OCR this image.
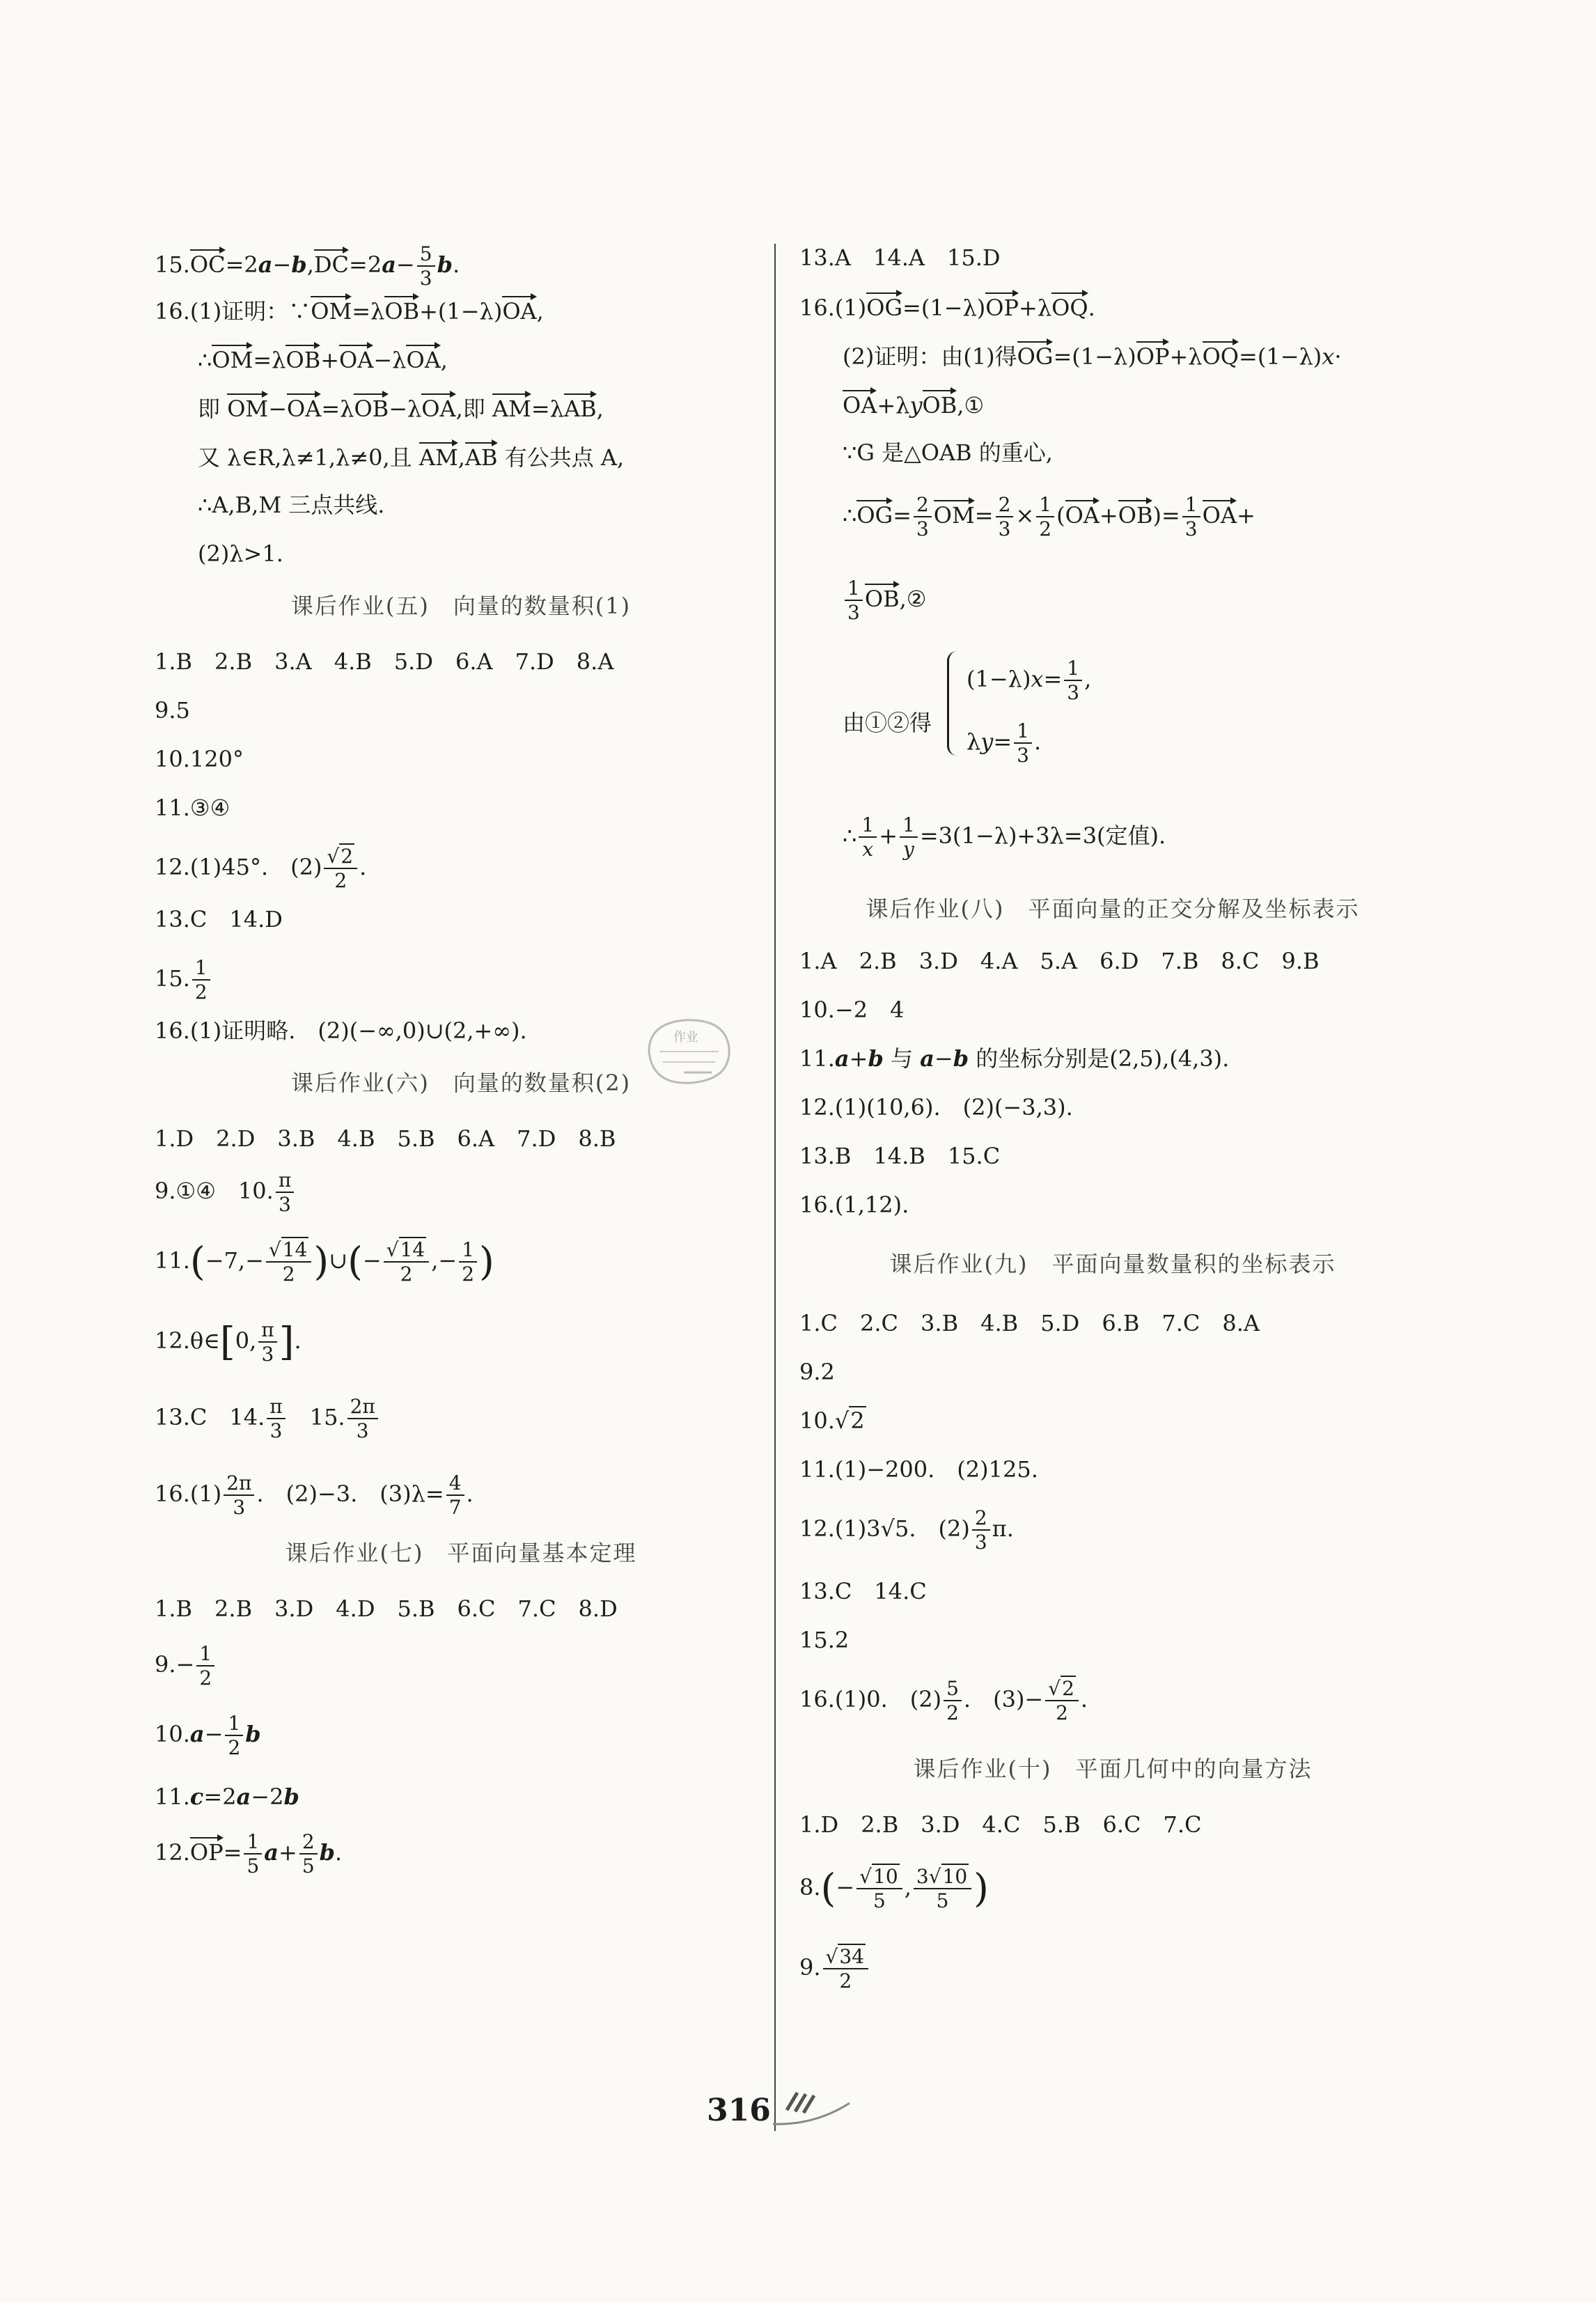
$15.OC=2a-b,DC=2a- \frac{5}{3} b$.
16.(1)证明：∵OM=λOB+(1−λ)OA,
∴OM=λOB+OA−λOA,
即 OM−OA=λOB−λOA,即 AM=λAB,
又 λ∈R,λ≠1,λ≠0,且 AM,AB 有公共点 A,
∴A,B,M 三点共线.
(2)λ>1.
课后作业(五)　向量的数量积(1)
1.B　2.B　3.A　4.B　5.D　6.A　7.D　8.A
9.5
10.120°
11.③④
12.(1)45°.　$(2) \frac{√2}{2}$ .
13.C　14.D
15. $\frac{1}{2}$
16.(1)证明略.　(2)(−∞,0)∪(2,+∞).
课后作业(六)　向量的数量积(2)
1.D　2.D　3.B　4.B　5.B　6.A　7.D　8.B
9.①④　10. $\frac{\pi}{3}$
$11.(-7,- \frac{√14}{2}$ )∪(− $\frac{√14}{2}$ ,− $\frac{1}{2}$ )
12.θ∈[0, $\frac{\pi}{3}$ ].
13.C　14. $\frac{\pi}{3}$
　 15. $\frac{2\pi}{3}$
$16.(1) \frac{2\pi}{3}$ .　(2)−3.　$(3)\lambda= \frac{4}{7}$ .
课后作业(七)　平面向量基本定理
1.B　2.B　3.D　4.D　5.B　6.C　7.C　8.D
$9.- \frac{1}{2}$
$10.a- \frac{1}{2}$ b
11.c=2a−2b
$12.OP= \frac{1}{5} a+ \frac{2}{5} b$.
作业
13.A　14.A　15.D
16.(1)OG=(1−λ)OP+λOQ.
(2)证明：由(1)得OG=(1−λ)OP+λOQ=(1−λ)x·
OA+λyOB,①
∵G 是△OAB 的重心,
∴OG= $\frac{2}{3} OM= \frac{2}{3} \times \frac{1}{2} (OA+OB)= \frac{1}{3} OA+$
$\frac{1}{3}$ OB,②
由①②得
$(1-\lambda)x= \frac{1}{3}$ ,
$\lambda y= \frac{1}{3}$ .
∴ $\frac{1}{x} + \frac{1}{y} =3(1-\lambda)+3\lambda=3$(定值).
课后作业(八)　平面向量的正交分解及坐标表示
1.A　2.B　3.D　4.A　5.A　6.D　7.B　8.C　9.B
10.−2　4
11.a+b 与 a−b 的坐标分别是(2,5),(4,3).
12.(1)(10,6).　(2)(−3,3).
13.B　14.B　15.C
16.(1,12).
课后作业(九)　平面向量数量积的坐标表示
1.C　2.C　3.B　4.B　5.D　6.B　7.C　8.A
9.2
10.√2
11.(1)−200.　(2)125.
12.(1)3√5.　$(2) \frac{2}{3} \pi$.
13.C　14.C
15.2
16.(1)0.　$(2) \frac{5}{2}$ .　$(3)- \frac{√2}{2}$ .
课后作业(十)　平面几何中的向量方法
1.D　2.B　3.D　4.C　5.B　6.C　7.C
$8.(- \frac{√10}{5}$ , $\frac{3√10}{5}$ )
9. $\frac{√34}{2}$
316
